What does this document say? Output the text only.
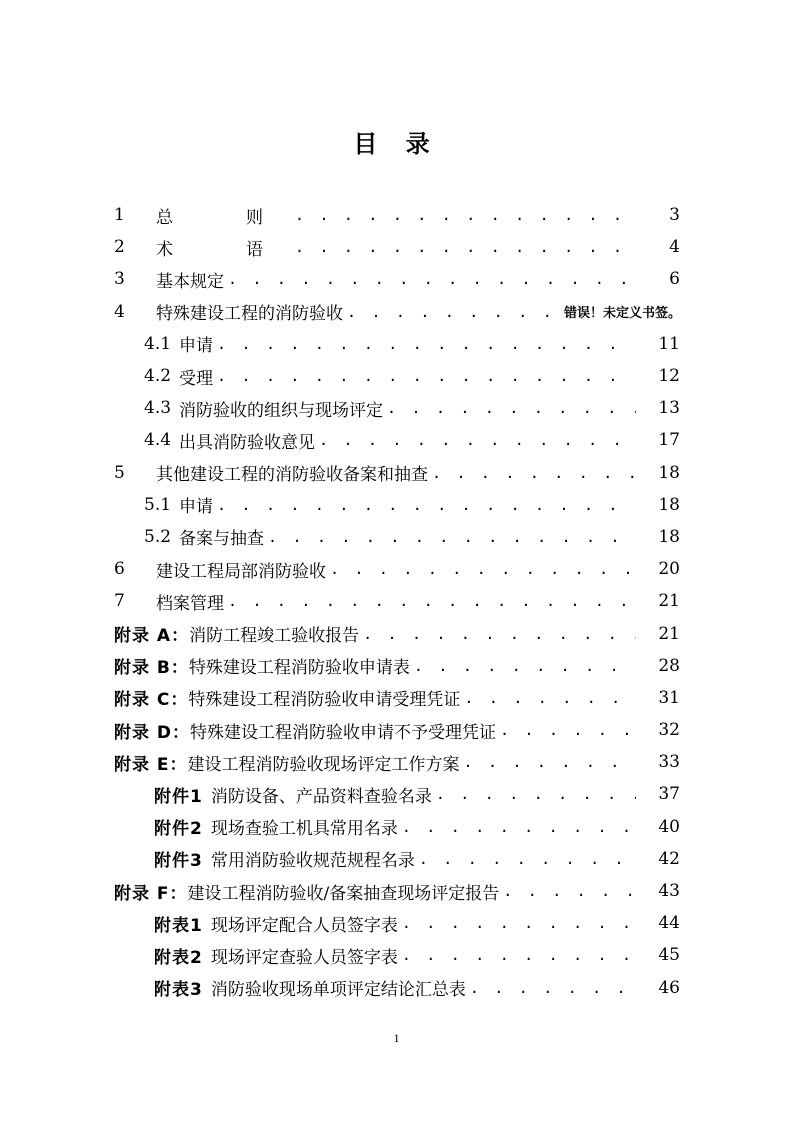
目 录
1	总　则 . . .	3
2	术　语 . . .	4
3	基本规定 . . .	6
4	特殊建设工程的消防验收 . . .	错误！未定义书签。
4.1 申请 . . .	11
4.2 受理 . . .	12
4.3 消防验收的组织与现场评定 . . .	13
4.4 出具消防验收意见 . . .	17
5	其他建设工程的消防验收备案和抽查 . . .	18
5.1 申请 . . .	18
5.2 备案与抽查 . . .	18
6	建设工程局部消防验收 . . .	20
7	档案管理 . . .	21
附录 A： 消防工程竣工验收报告 . . .	21
附录 B： 特殊建设工程消防验收申请表 . . .	28
附录 C： 特殊建设工程消防验收申请受理凭证 . . .	31
附录 D： 特殊建设工程消防验收申请不予受理凭证 . . .	32
附录 E： 建设工程消防验收现场评定工作方案 . . .	33
附件1 消防设备、产品资料查验名录 . . .	37
附件2 现场查验工机具常用名录 . . .	40
附件3 常用消防验收规范规程名录 . . .	42
附录 F： 建设工程消防验收/备案抽查现场评定报告 . . .	43
附表1 现场评定配合人员签字表 . . .	44
附表2 现场评定查验人员签字表 . . .	45
附表3 消防验收现场单项评定结论汇总表 . . .	46
1
